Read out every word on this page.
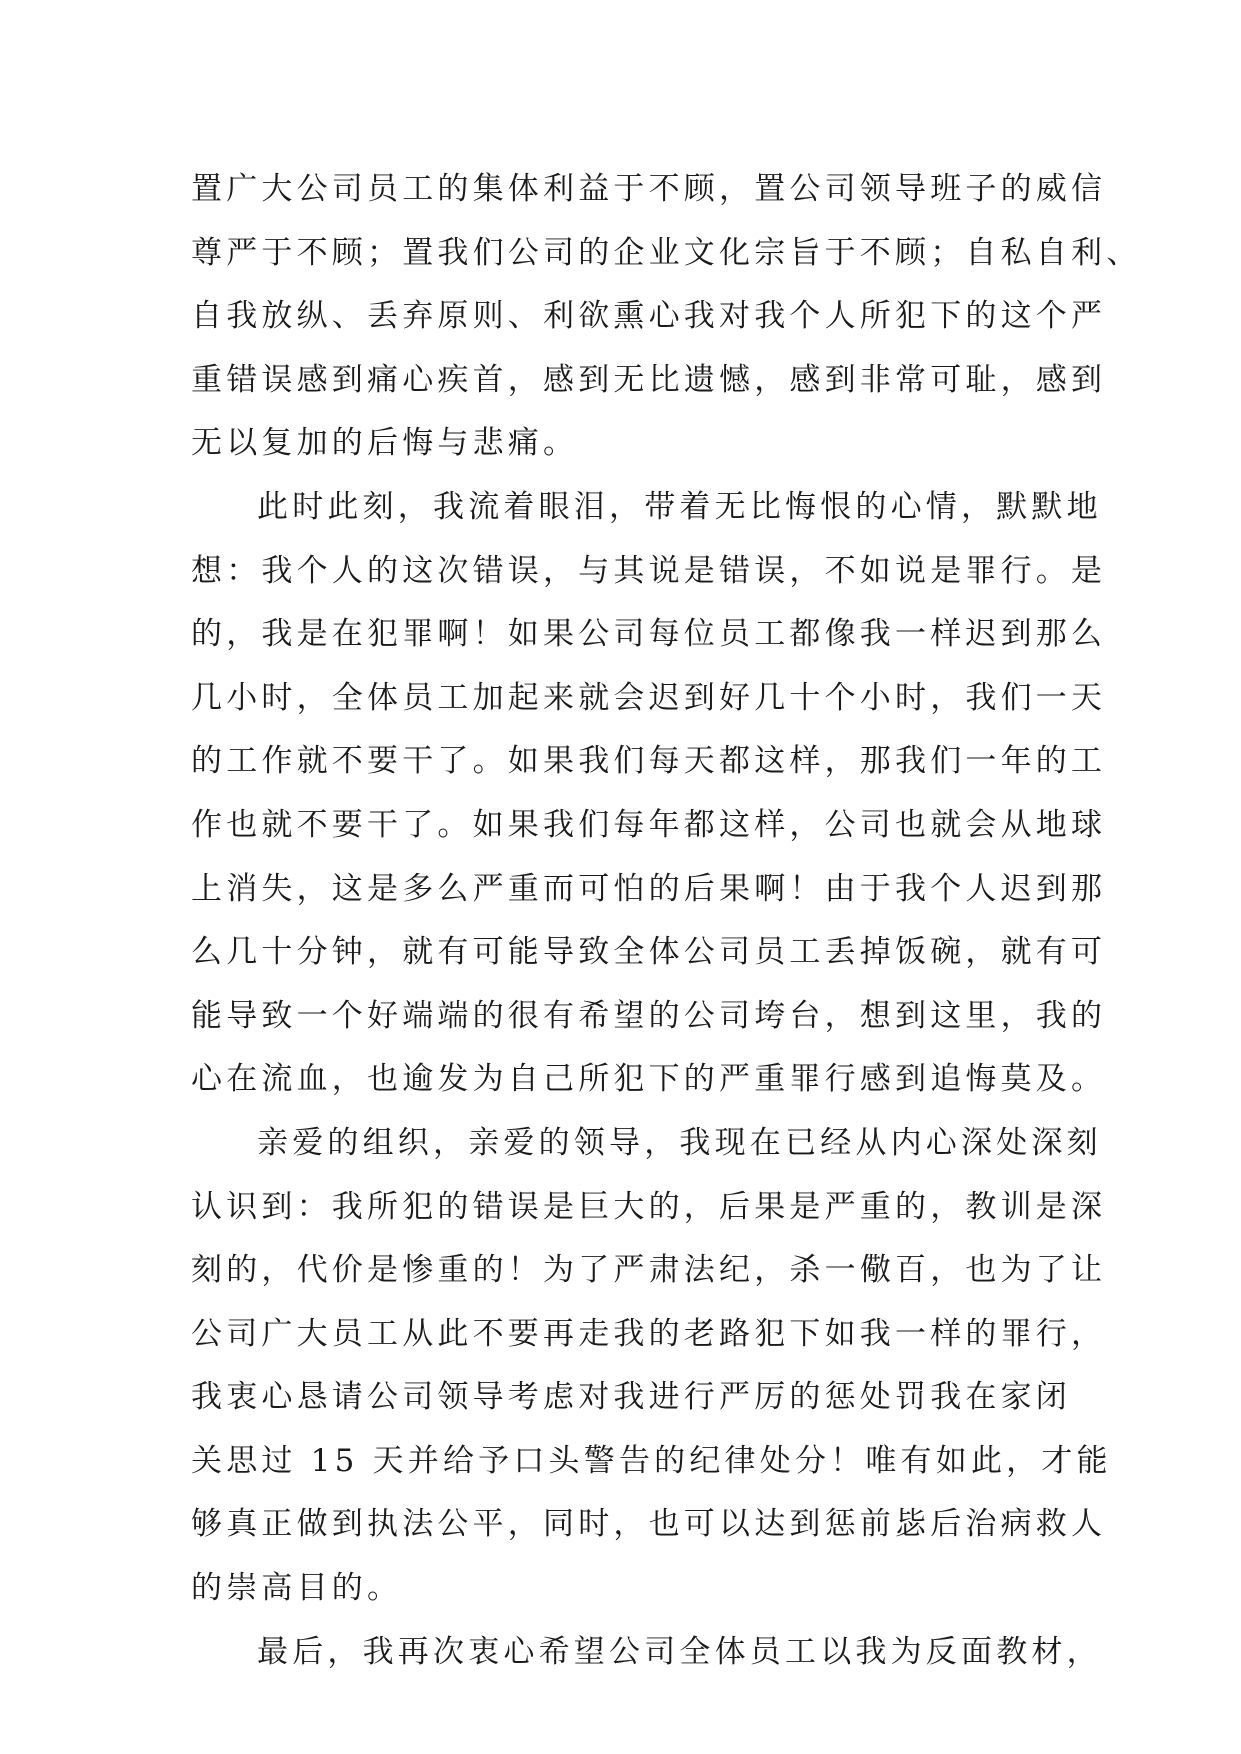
置广大公司员工的集体利益于不顾，置公司领导班子的威信
尊严于不顾；置我们公司的企业文化宗旨于不顾；自私自利、
自我放纵、丢弃原则、利欲熏心我对我个人所犯下的这个严
重错误感到痛心疾首，感到无比遗憾，感到非常可耻，感到
无以复加的后悔与悲痛。
此时此刻，我流着眼泪，带着无比悔恨的心情，默默地
想：我个人的这次错误，与其说是错误，不如说是罪行。是
的，我是在犯罪啊！如果公司每位员工都像我一样迟到那么
几小时，全体员工加起来就会迟到好几十个小时，我们一天
的工作就不要干了。如果我们每天都这样，那我们一年的工
作也就不要干了。如果我们每年都这样，公司也就会从地球
上消失，这是多么严重而可怕的后果啊！由于我个人迟到那
么几十分钟，就有可能导致全体公司员工丢掉饭碗，就有可
能导致一个好端端的很有希望的公司垮台，想到这里，我的
心在流血，也逾发为自己所犯下的严重罪行感到追悔莫及。
亲爱的组织，亲爱的领导，我现在已经从内心深处深刻
认识到：我所犯的错误是巨大的，后果是严重的，教训是深
刻的，代价是惨重的！为了严肃法纪，杀一儆百，也为了让
公司广大员工从此不要再走我的老路犯下如我一样的罪行，
我衷心恳请公司领导考虑对我进行严厉的惩处罚我在家闭
关思过 15 天并给予口头警告的纪律处分！唯有如此，才能
够真正做到执法公平，同时，也可以达到惩前毖后治病救人
的崇高目的。
最后，我再次衷心希望公司全体员工以我为反面教材，
